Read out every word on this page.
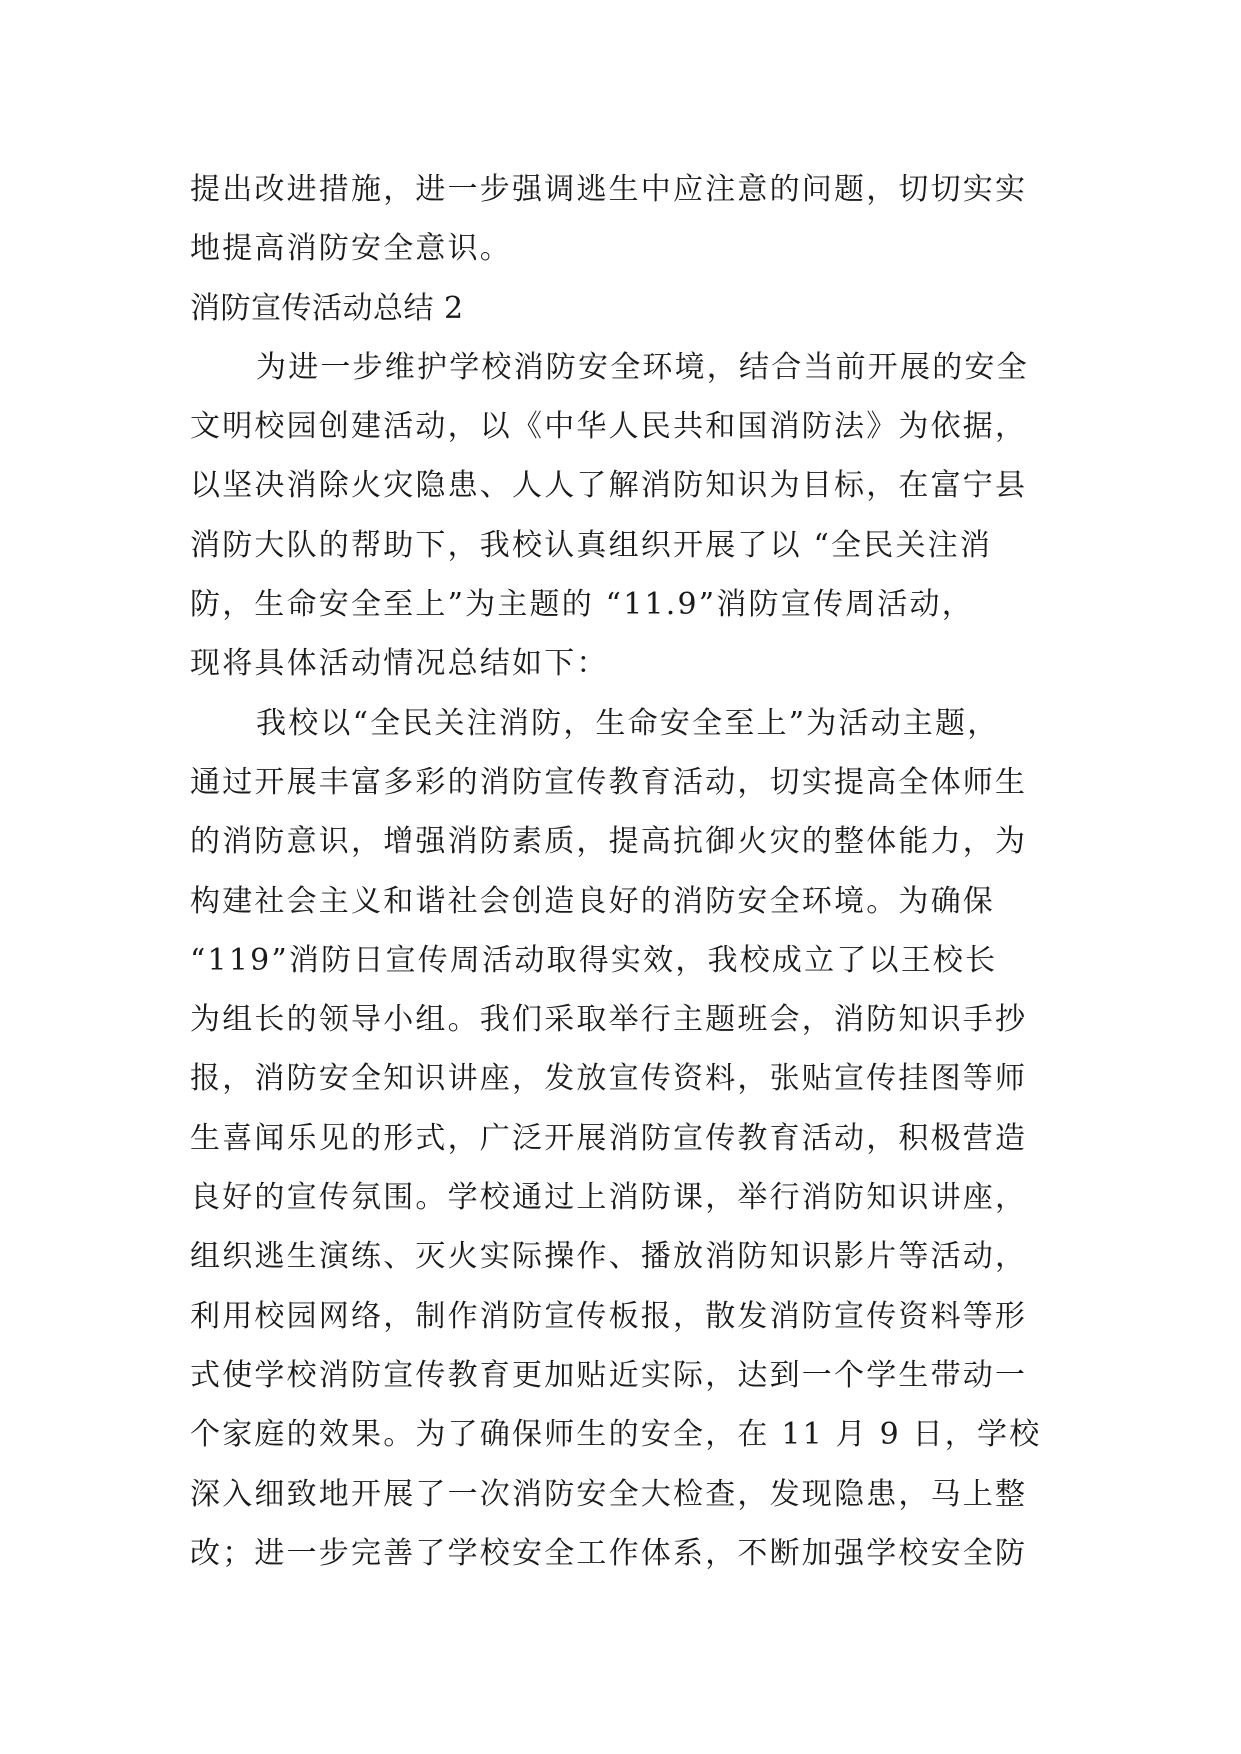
提出改进措施，进一步强调逃生中应注意的问题，切切实实
地提高消防安全意识。
消防宣传活动总结 2
为进一步维护学校消防安全环境，结合当前开展的安全
文明校园创建活动，以《中华人民共和国消防法》为依据，
以坚决消除火灾隐患、人人了解消防知识为目标，在富宁县
消防大队的帮助下，我校认真组织开展了以 “全民关注消
防，生命安全至上”为主题的 “11.9”消防宣传周活动，
现将具体活动情况总结如下：
我校以“全民关注消防，生命安全至上”为活动主题，
通过开展丰富多彩的消防宣传教育活动，切实提高全体师生
的消防意识，增强消防素质，提高抗御火灾的整体能力，为
构建社会主义和谐社会创造良好的消防安全环境。为确保
“119”消防日宣传周活动取得实效，我校成立了以王校长
为组长的领导小组。我们采取举行主题班会，消防知识手抄
报，消防安全知识讲座，发放宣传资料，张贴宣传挂图等师
生喜闻乐见的形式，广泛开展消防宣传教育活动，积极营造
良好的宣传氛围。学校通过上消防课，举行消防知识讲座，
组织逃生演练、灭火实际操作、播放消防知识影片等活动，
利用校园网络，制作消防宣传板报，散发消防宣传资料等形
式使学校消防宣传教育更加贴近实际，达到一个学生带动一
个家庭的效果。为了确保师生的安全，在 11 月 9 日，学校
深入细致地开展了一次消防安全大检查，发现隐患，马上整
改；进一步完善了学校安全工作体系，不断加强学校安全防
